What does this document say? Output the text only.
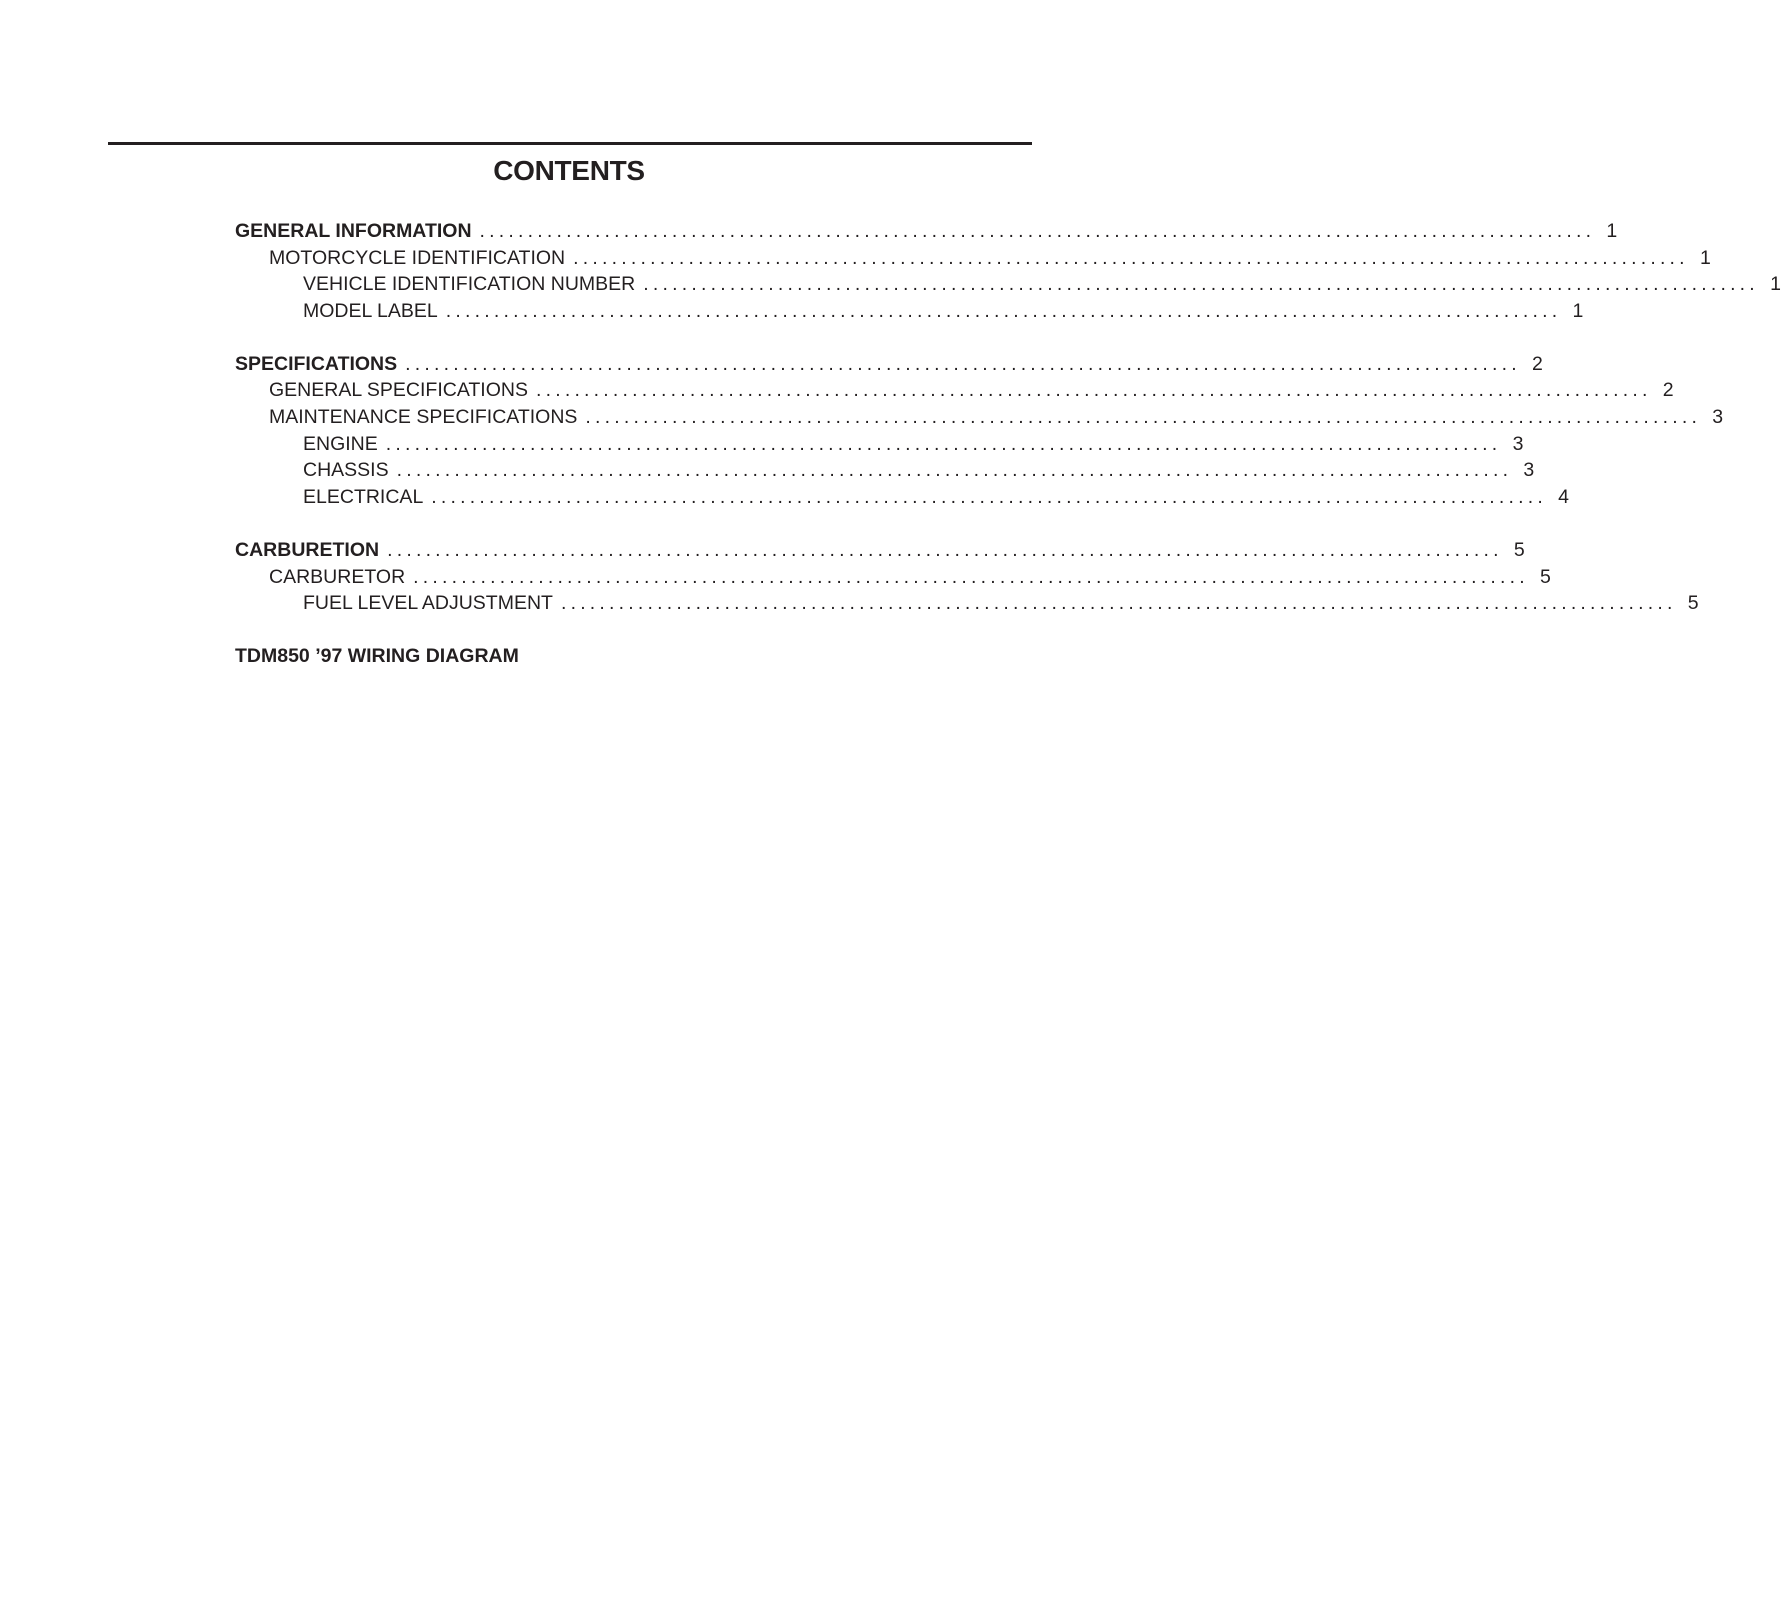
CONTENTS
GENERAL INFORMATION .................................................................................................................... 1
MOTORCYCLE IDENTIFICATION .................................................................................................................... 1
VEHICLE IDENTIFICATION NUMBER .................................................................................................................... 1
MODEL LABEL .................................................................................................................... 1
SPECIFICATIONS .................................................................................................................... 2
GENERAL SPECIFICATIONS .................................................................................................................... 2
MAINTENANCE SPECIFICATIONS .................................................................................................................... 3
ENGINE .................................................................................................................... 3
CHASSIS .................................................................................................................... 3
ELECTRICAL .................................................................................................................... 4
CARBURETION .................................................................................................................... 5
CARBURETOR .................................................................................................................... 5
FUEL LEVEL ADJUSTMENT .................................................................................................................... 5
TDM850 ’97 WIRING DIAGRAM
